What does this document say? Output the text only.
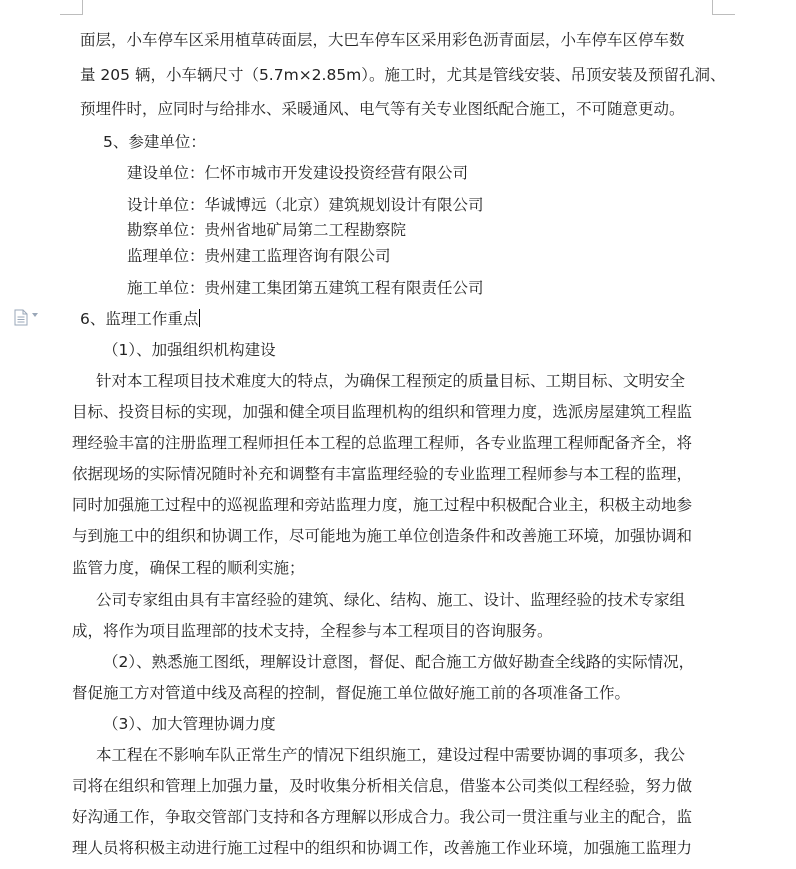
面层，小车停车区采用植草砖面层，大巴车停车区采用彩色沥青面层，小车停车区停车数
量 205 辆，小车辆尺寸（5.7m×2.85m）。施工时，尤其是管线安装、吊顶安装及预留孔洞、
预埋件时，应同时与给排水、采暖通风、电气等有关专业图纸配合施工，不可随意更动。
5、参建单位：
建设单位：仁怀市城市开发建设投资经营有限公司
设计单位：华诚博远（北京）建筑规划设计有限公司
勘察单位：贵州省地矿局第二工程勘察院
监理单位：贵州建工监理咨询有限公司
施工单位：贵州建工集团第五建筑工程有限责任公司
6、监理工作重点
（1）、加强组织机构建设
针对本工程项目技术难度大的特点，为确保工程预定的质量目标、工期目标、文明安全
目标、投资目标的实现，加强和健全项目监理机构的组织和管理力度，选派房屋建筑工程监
理经验丰富的注册监理工程师担任本工程的总监理工程师，各专业监理工程师配备齐全，将
依据现场的实际情况随时补充和调整有丰富监理经验的专业监理工程师参与本工程的监理，
同时加强施工过程中的巡视监理和旁站监理力度，施工过程中积极配合业主，积极主动地参
与到施工中的组织和协调工作，尽可能地为施工单位创造条件和改善施工环境，加强协调和
监管力度，确保工程的顺利实施；
公司专家组由具有丰富经验的建筑、绿化、结构、施工、设计、监理经验的技术专家组
成，将作为项目监理部的技术支持，全程参与本工程项目的咨询服务。
（2）、熟悉施工图纸，理解设计意图，督促、配合施工方做好勘查全线路的实际情况，
督促施工方对管道中线及高程的控制，督促施工单位做好施工前的各项准备工作。
（3）、加大管理协调力度
本工程在不影响车队正常生产的情况下组织施工，建设过程中需要协调的事项多，我公
司将在组织和管理上加强力量，及时收集分析相关信息，借鉴本公司类似工程经验，努力做
好沟通工作，争取交管部门支持和各方理解以形成合力。我公司一贯注重与业主的配合，监
理人员将积极主动进行施工过程中的组织和协调工作，改善施工作业环境，加强施工监理力
